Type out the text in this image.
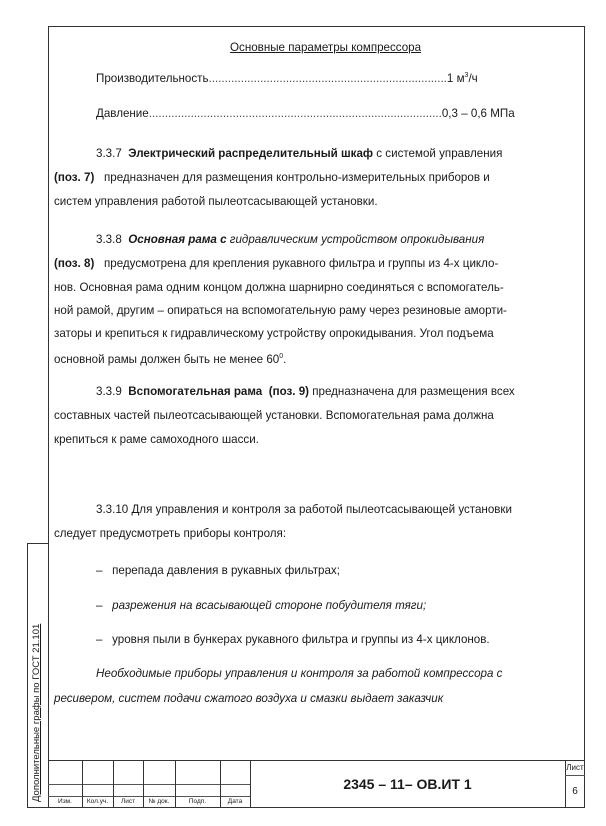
Основные параметры компрессора
Производительность..........................................................................1 $м^3/ч$
Давление...........................................................................................0,3 – 0,6 МПа
3.3.7 Электрический распределительный шкаф с системой управления
(поз. 7) предназначен для размещения контрольно-измерительных приборов и
систем управления работой пылеотсасывающей установки.
3.3.8 Основная рама с гидравлическим устройством опрокидывания
(поз. 8) предусмотрена для крепления рукавного фильтра и группы из 4-х цикло-
нов. Основная рама одним концом должна шарнирно соединяться с вспомогатель-
ной рамой, другим – опираться на вспомогательную раму через резиновые аморти-
заторы и крепиться к гидравлическому устройству опрокидывания. Угол подъема
основной рамы должен быть не менее $60^0$.
3.3.9 Вспомогательная рама (поз. 9) предназначена для размещения всех
составных частей пылеотсасывающей установки. Вспомогательная рама должна
крепиться к раме самоходного шасси.
3.3.10 Для управления и контроля за работой пылеотсасывающей установки
следует предусмотреть приборы контроля:
– перепада давления в рукавных фильтрах;
– разрежения на всасывающей стороне побудителя тяги;
– уровня пыли в бункерах рукавного фильтра и группы из 4-х циклонов.
Необходимые приборы управления и контроля за работой компрессора с
ресивером, систем подачи сжатого воздуха и смазки выдает заказчик
Дополнительные графы по ГОСТ 21.101	Изм.	Кол.уч.	Лист	№ док.	Подп.	Дата
2345 – 11– ОВ.ИТ 1
Лист
6
